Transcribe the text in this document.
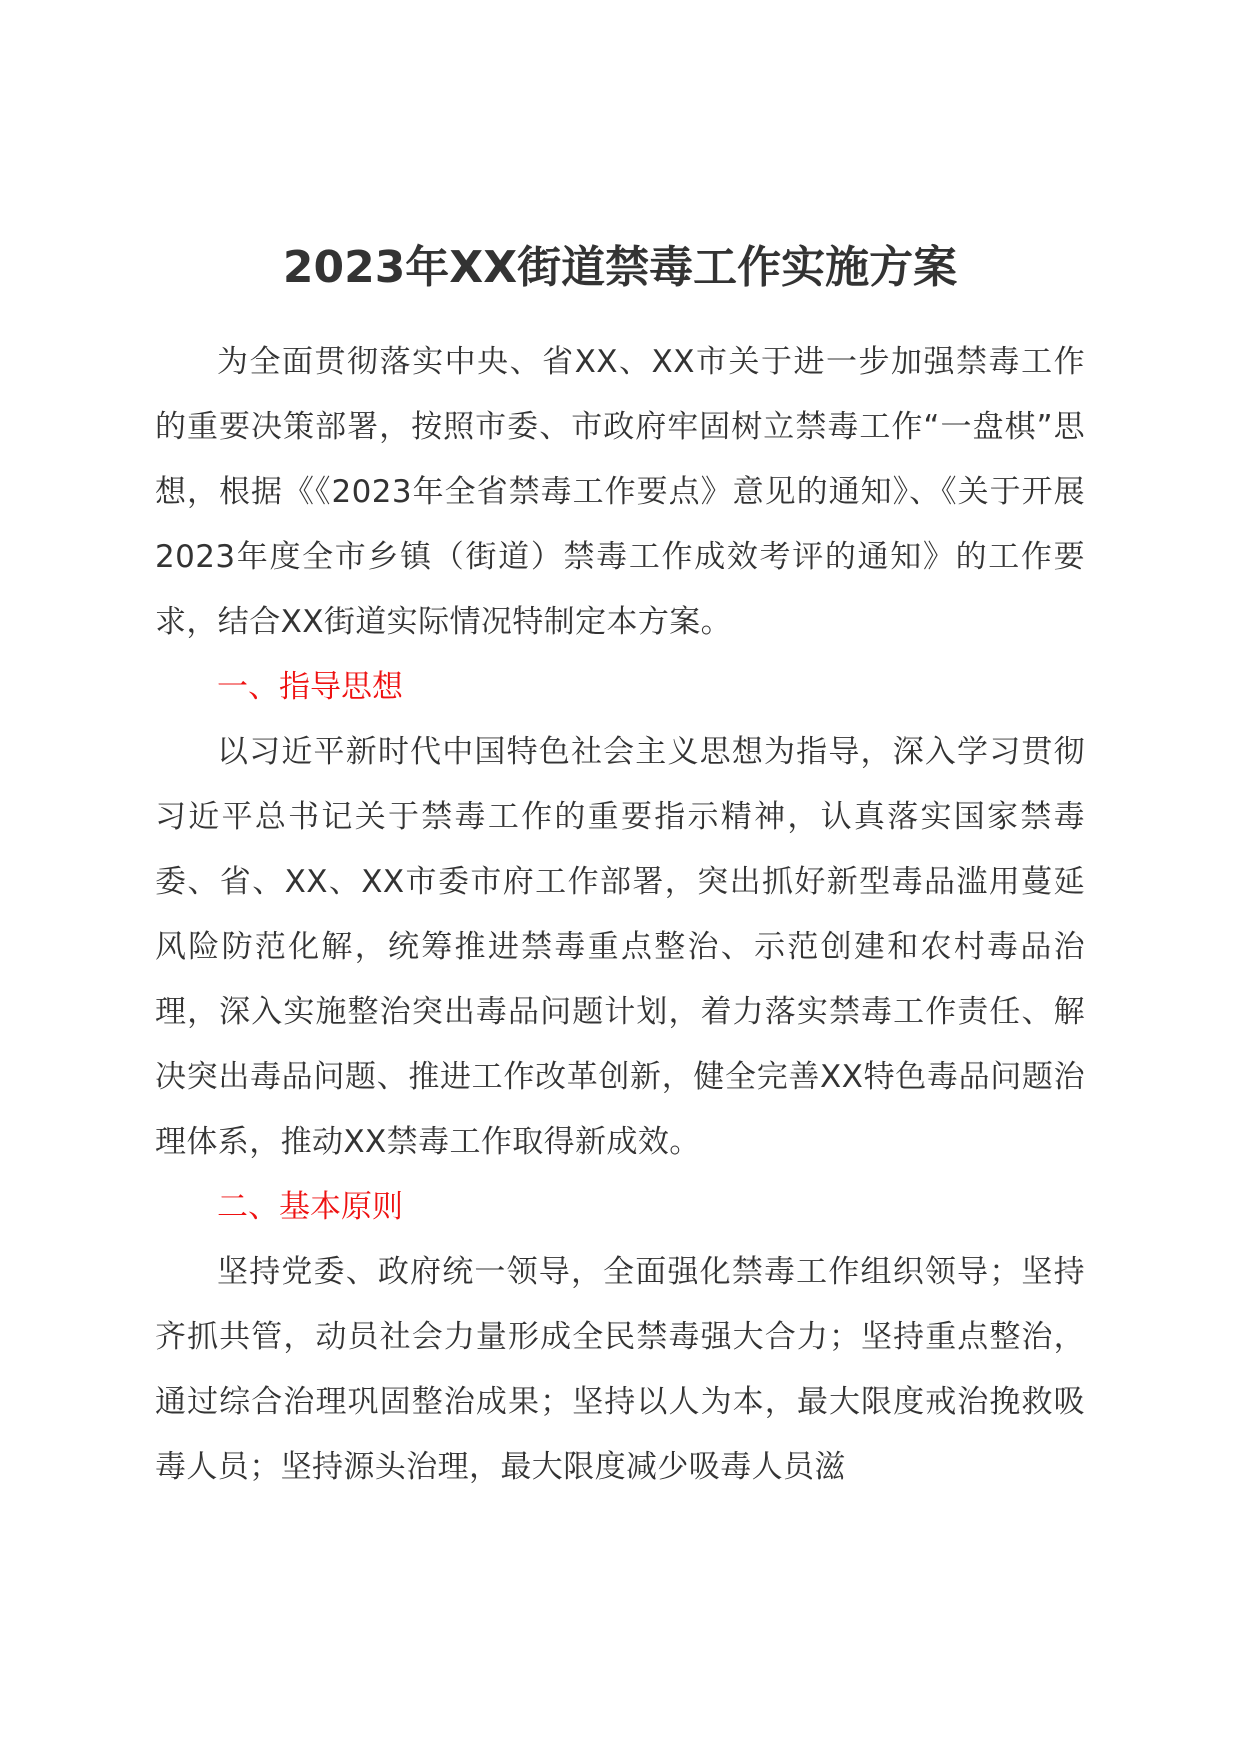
2023年XX街道禁毒工作实施方案

为全面贯彻落实中央、省XX、XX市关于进一步加强禁毒工作的重要决策部署，按照市委、市政府牢固树立禁毒工作“一盘棋”思想，根据《《2023年全省禁毒工作要点》意见的通知》、《关于开展2023年度全市乡镇（街道）禁毒工作成效考评的通知》的工作要求，结合XX街道实际情况特制定本方案。

一、指导思想

以习近平新时代中国特色社会主义思想为指导，深入学习贯彻习近平总书记关于禁毒工作的重要指示精神，认真落实国家禁毒委、省、XX、XX市委市府工作部署，突出抓好新型毒品滥用蔓延风险防范化解，统筹推进禁毒重点整治、示范创建和农村毒品治理，深入实施整治突出毒品问题计划，着力落实禁毒工作责任、解决突出毒品问题、推进工作改革创新，健全完善XX特色毒品问题治理体系，推动XX禁毒工作取得新成效。

二、基本原则

坚持党委、政府统一领导，全面强化禁毒工作组织领导；坚持齐抓共管，动员社会力量形成全民禁毒强大合力；坚持重点整治，通过综合治理巩固整治成果；坚持以人为本，最大限度戒治挽救吸毒人员；坚持源头治理，最大限度减少吸毒人员滋
